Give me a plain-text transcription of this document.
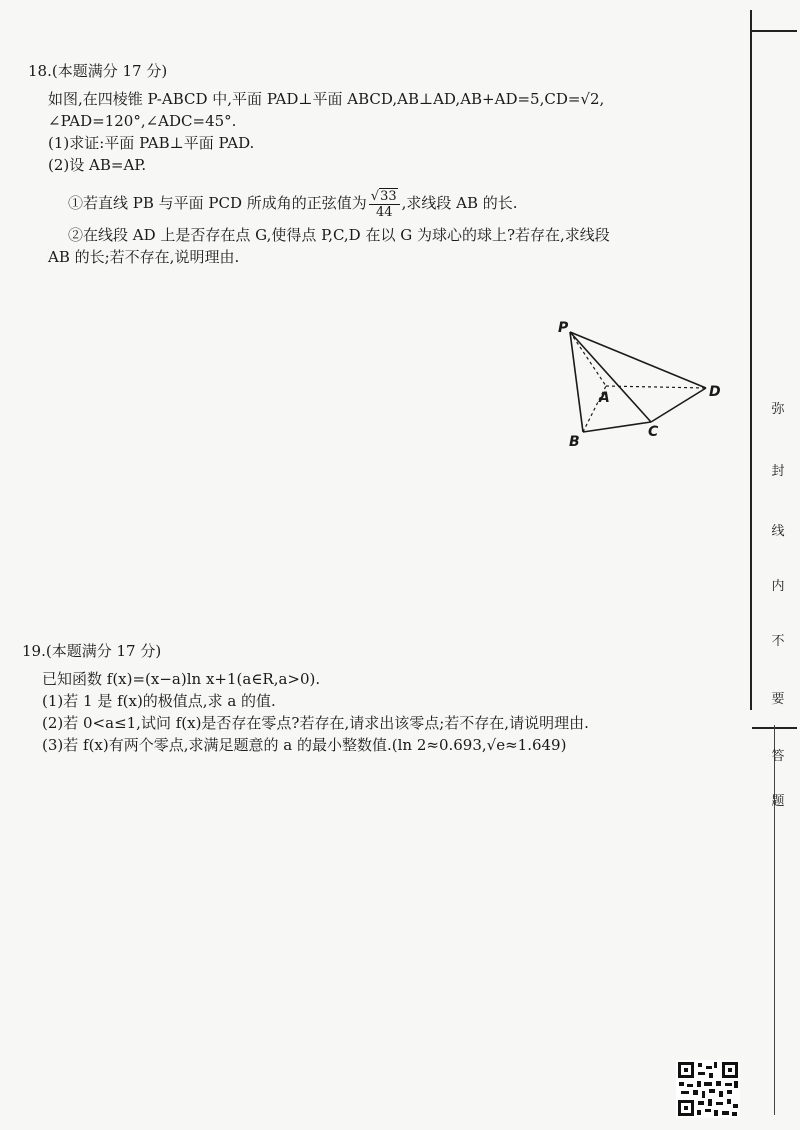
18.(本题满分 17 分)
如图,在四棱锥 P-ABCD 中,平面 PAD⊥平面 ABCD,AB⊥AD,AB+AD=5,CD=√2,
∠PAD=120°,∠ADC=45°.
(1)求证:平面 PAB⊥平面 PAD.
(2)设 AB=AP.
①若直线 PB 与平面 PCD 所成角的正弦值为 $\frac{√33}{44}$ ,求线段 AB 的长.
②在线段 AD 上是否存在点 G,使得点 P,C,D 在以 G 为球心的球上?若存在,求线段
AB 的长;若不存在,说明理由.
P
A
B
C
D
19.(本题满分 17 分)
已知函数 f(x)=(x−a)ln x+1(a∈R,a>0).
(1)若 1 是 f(x)的极值点,求 a 的值.
(2)若 0<a≤1,试问 f(x)是否存在零点?若存在,请求出该零点;若不存在,请说明理由.
(3)若 f(x)有两个零点,求满足题意的 a 的最小整数值.(ln 2≈0.693,√e≈1.649)
弥
封
线
内
不
要
答
题
